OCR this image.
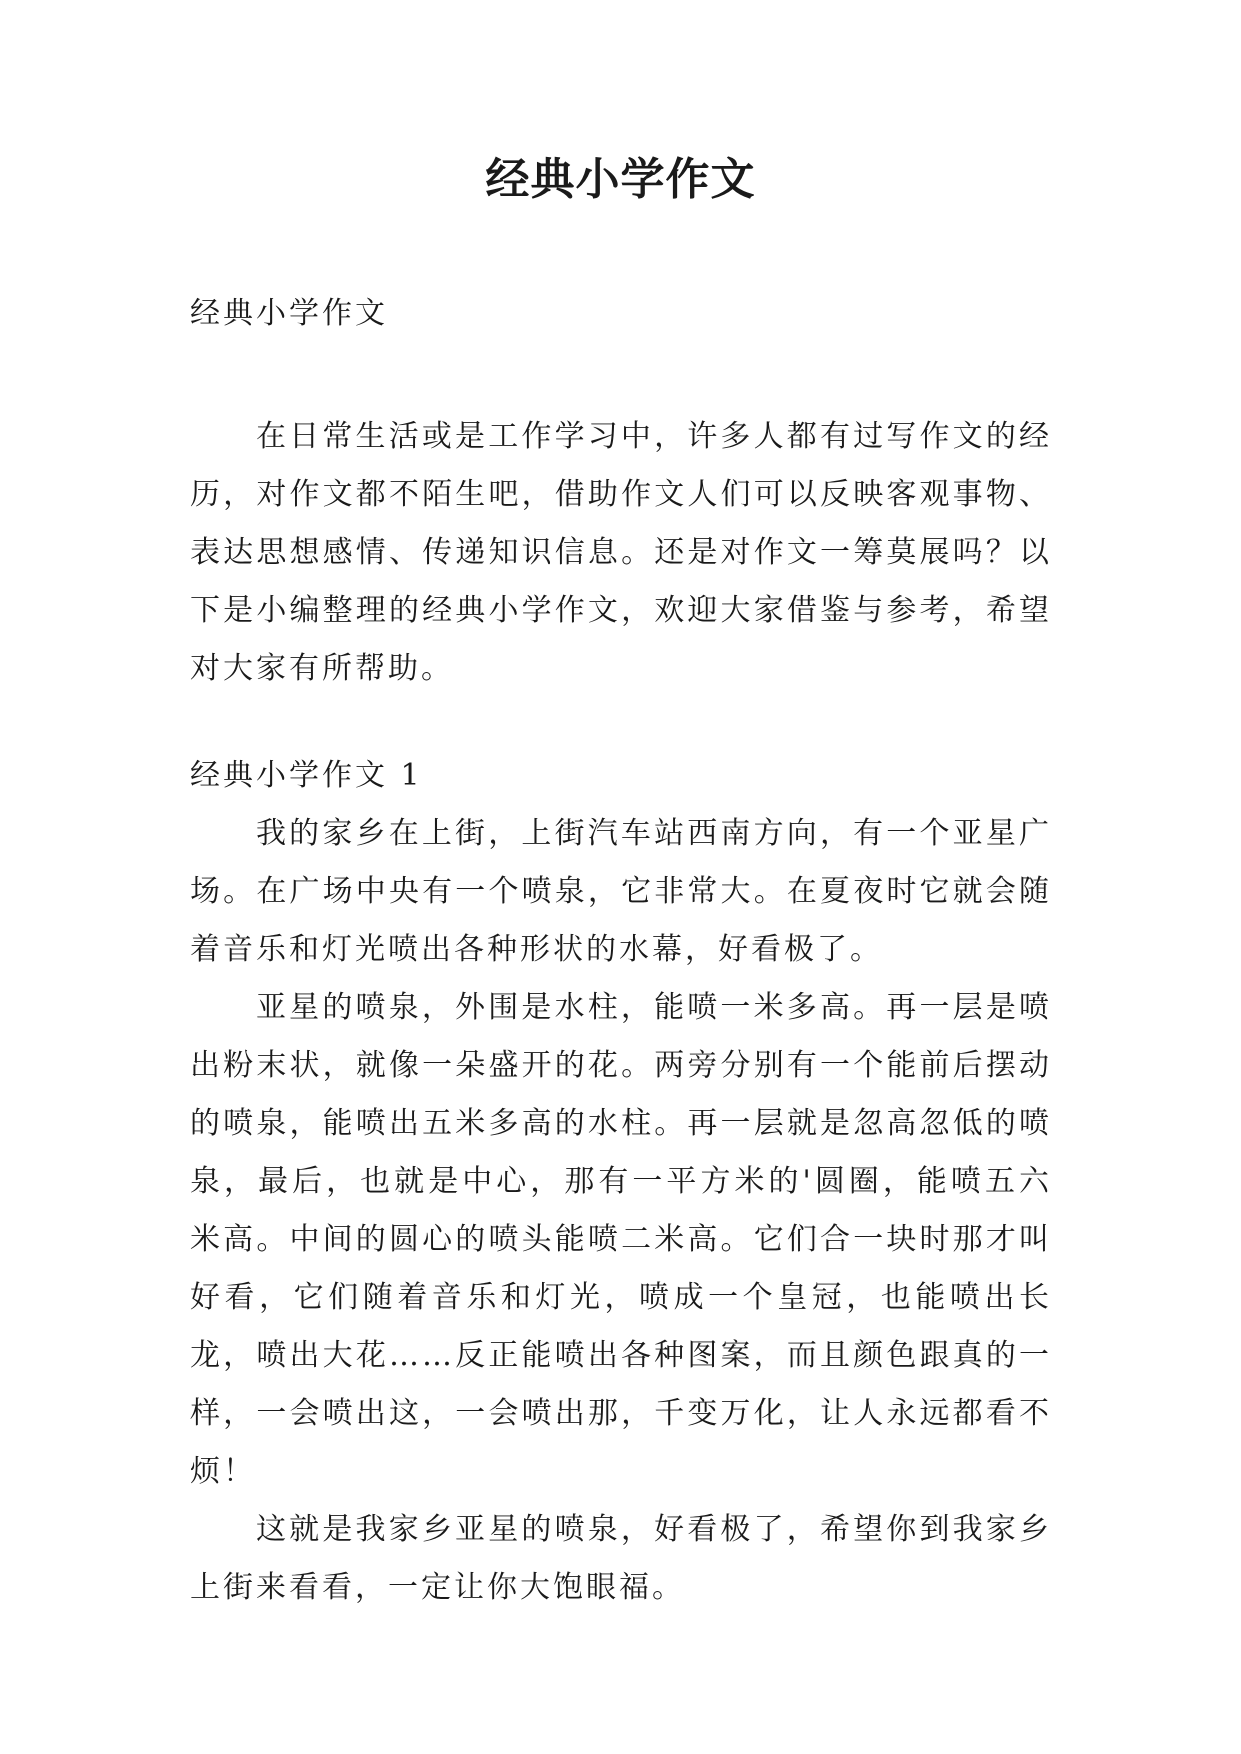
经典小学作文

经典小学作文

在日常生活或是工作学习中，许多人都有过写作文的经历，对作文都不陌生吧，借助作文人们可以反映客观事物、表达思想感情、传递知识信息。还是对作文一筹莫展吗？以下是小编整理的经典小学作文，欢迎大家借鉴与参考，希望对大家有所帮助。

经典小学作文 1

我的家乡在上街，上街汽车站西南方向，有一个亚星广场。在广场中央有一个喷泉，它非常大。在夏夜时它就会随着音乐和灯光喷出各种形状的水幕，好看极了。

亚星的喷泉，外围是水柱，能喷一米多高。再一层是喷出粉末状，就像一朵盛开的花。两旁分别有一个能前后摆动的喷泉，能喷出五米多高的水柱。再一层就是忽高忽低的喷泉，最后，也就是中心，那有一平方米的'圆圈，能喷五六米高。中间的圆心的喷头能喷二米高。它们合一块时那才叫好看，它们随着音乐和灯光，喷成一个皇冠，也能喷出长龙，喷出大花……反正能喷出各种图案，而且颜色跟真的一样，一会喷出这，一会喷出那，千变万化，让人永远都看不烦！

这就是我家乡亚星的喷泉，好看极了，希望你到我家乡上街来看看，一定让你大饱眼福。
